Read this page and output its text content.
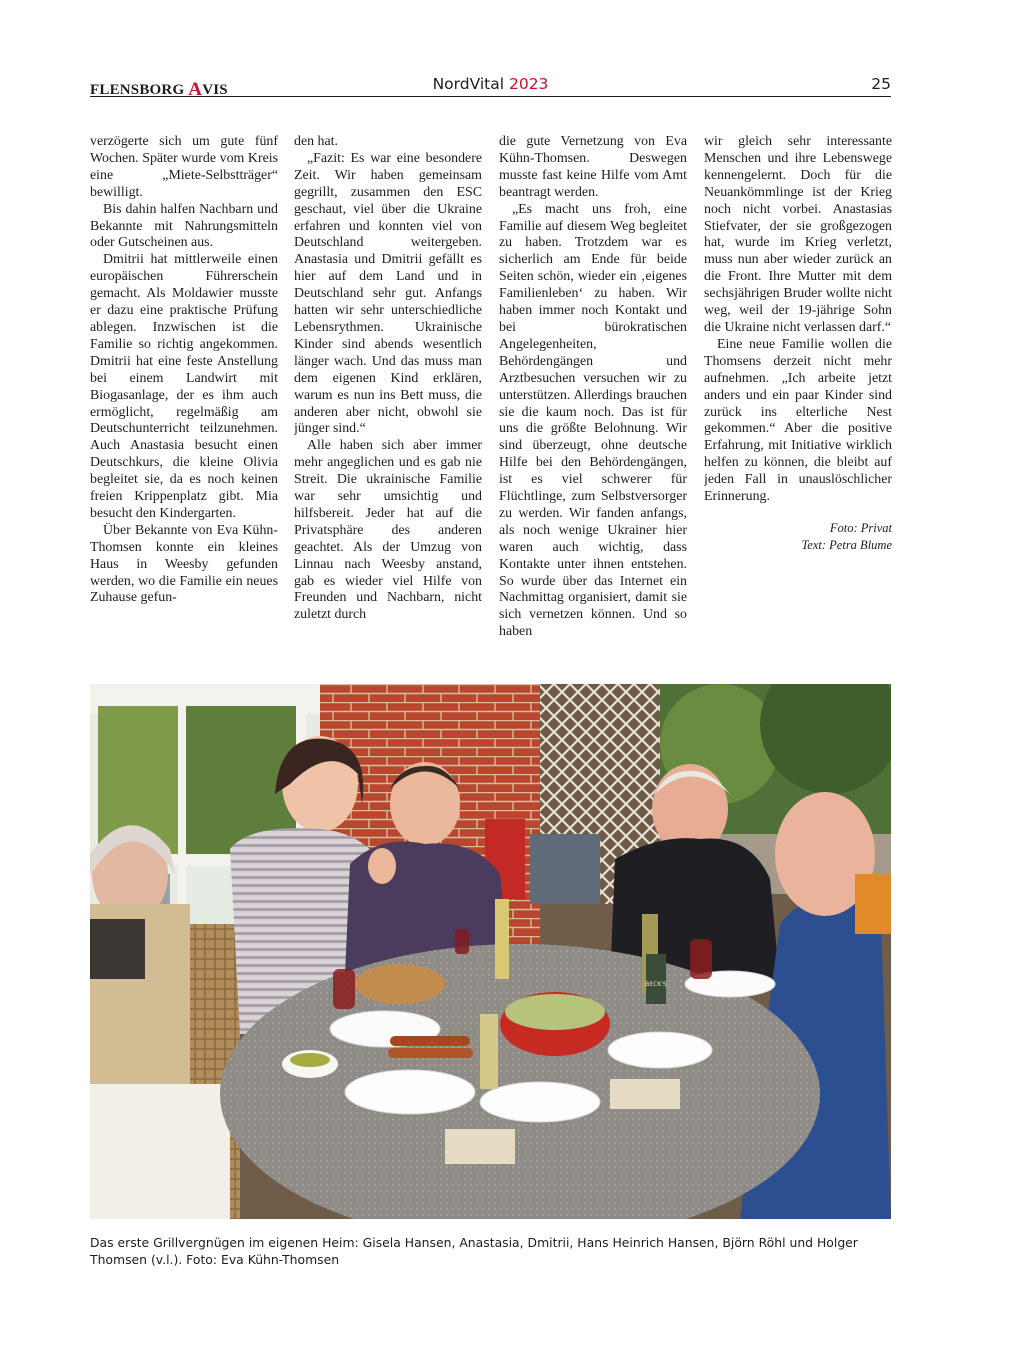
FLENSBORG AVIS	NordVital 2023	25

verzögerte sich um gute fünf Wochen. Später wurde vom Kreis eine „Miete-Selbstträger“ bewilligt.

Bis dahin halfen Nachbarn und Bekannte mit Nahrungsmitteln oder Gutscheinen aus.

Dmitrii hat mittlerweile einen europäischen Führerschein gemacht. Als Moldawier musste er dazu eine praktische Prüfung ablegen. Inzwischen ist die Familie so richtig angekommen. Dmitrii hat eine feste Anstellung bei einem Landwirt mit Biogasanlage, der es ihm auch ermöglicht, regelmäßig am Deutschunterricht teilzunehmen. Auch Anastasia besucht einen Deutschkurs, die kleine Olivia begleitet sie, da es noch keinen freien Krippenplatz gibt. Mia besucht den Kindergarten.

Über Bekannte von Eva Kühn-Thomsen konnte ein kleines Haus in Weesby gefunden werden, wo die Familie ein neues Zuhause gefun-

den hat.

„Fazit: Es war eine besondere Zeit. Wir haben gemeinsam gegrillt, zusammen den ESC geschaut, viel über die Ukraine erfahren und konnten viel von Deutschland weitergeben. Anastasia und Dmitrii gefällt es hier auf dem Land und in Deutschland sehr gut. Anfangs hatten wir sehr unterschiedliche Lebensrythmen. Ukrainische Kinder sind abends wesentlich länger wach. Und das muss man dem eigenen Kind erklären, warum es nun ins Bett muss, die anderen aber nicht, obwohl sie jünger sind.“

Alle haben sich aber immer mehr angeglichen und es gab nie Streit. Die ukrainische Familie war sehr umsichtig und hilfsbereit. Jeder hat auf die Privatsphäre des anderen geachtet. Als der Umzug von Linnau nach Weesby anstand, gab es wieder viel Hilfe von Freunden und Nachbarn, nicht zuletzt durch

die gute Vernetzung von Eva Kühn-Thomsen. Deswegen musste fast keine Hilfe vom Amt beantragt werden.

„Es macht uns froh, eine Familie auf diesem Weg begleitet zu haben. Trotzdem war es sicherlich am Ende für beide Seiten schön, wieder ein ‚eigenes Familienleben‘ zu haben. Wir haben immer noch Kontakt und bei bürokratischen Angelegenheiten, Behördengängen und Arztbesuchen versuchen wir zu unterstützen. Allerdings brauchen sie die kaum noch. Das ist für uns die größte Belohnung. Wir sind überzeugt, ohne deutsche Hilfe bei den Behördengängen, ist es viel schwerer für Flüchtlinge, zum Selbstversorger zu werden. Wir fanden anfangs, als noch wenige Ukrainer hier waren auch wichtig, dass Kontakte unter ihnen entstehen. So wurde über das Internet ein Nachmittag organisiert, damit sie sich vernetzen können. Und so haben

wir gleich sehr interessante Menschen und ihre Lebenswege kennengelernt. Doch für die Neuankömmlinge ist der Krieg noch nicht vorbei. Anastasias Stiefvater, der sie großgezogen hat, wurde im Krieg verletzt, muss nun aber wieder zurück an die Front. Ihre Mutter mit dem sechsjährigen Bruder wollte nicht weg, weil der 19-jährige Sohn die Ukraine nicht verlassen darf.“

Eine neue Familie wollen die Thomsens derzeit nicht mehr aufnehmen. „Ich arbeite jetzt anders und ein paar Kinder sind zurück ins elterliche Nest gekommen.“ Aber die positive Erfahrung, mit Initiative wirklich helfen zu können, die bleibt auf jeden Fall in unauslöschlicher Erinnerung.

Foto: Privat
Text: Petra Blume
BECK'S
Das erste Grillvergnügen im eigenen Heim: Gisela Hansen, Anastasia, Dmitrii, Hans Heinrich Hansen, Björn Röhl und Holger Thomsen (v.l.). Foto: Eva Kühn-Thomsen
